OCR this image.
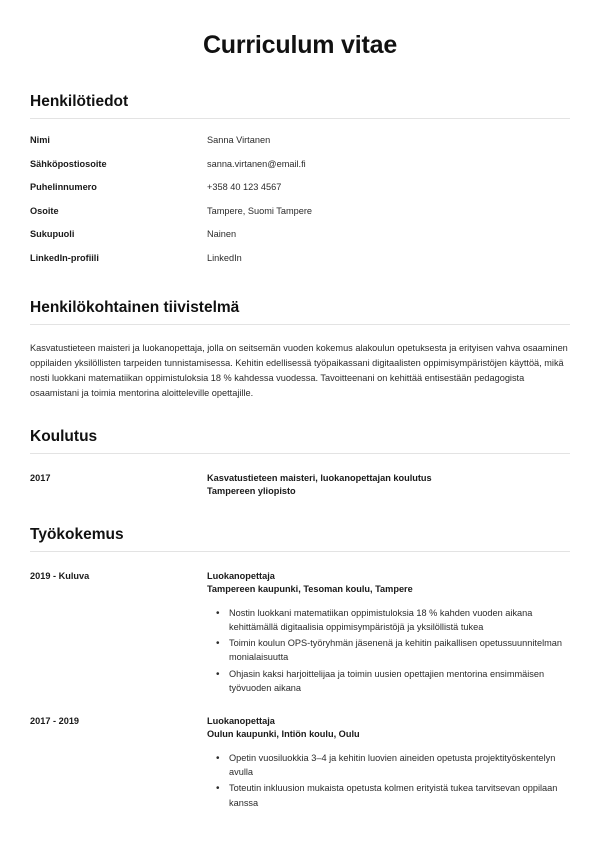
Curriculum vitae
Henkilötiedot
Nimi	Sanna Virtanen
Sähköpostiosoite	sanna.virtanen@email.fi
Puhelinnumero	+358 40 123 4567
Osoite	Tampere, Suomi Tampere
Sukupuoli	Nainen
LinkedIn-profiili	LinkedIn
Henkilökohtainen tiivistelmä

Kasvatustieteen maisteri ja luokanopettaja, jolla on seitsemän vuoden kokemus alakoulun opetuksesta ja erityisen vahva osaaminen oppilaiden yksilöllisten tarpeiden tunnistamisessa. Kehitin edellisessä työpaikassani digitaalisten oppimisympäristöjen käyttöä, mikä nosti luokkani matematiikan oppimistuloksia 18 % kahdessa vuodessa. Tavoitteenani on kehittää entisestään pedagogista osaamistani ja toimia mentorina aloitteleville opettajille.

Koulutus
2017	Kasvatustieteen maisteri, luokanopettajan koulutus
Tampereen yliopisto
Työkokemus
2019 - Kuluva	Luokanopettaja
Tampereen kaupunki, Tesoman koulu, Tampere
• Nostin luokkani matematiikan oppimistuloksia 18 % kahden vuoden aikana kehittämällä digitaalisia oppimisympäristöjä ja yksilöllistä tukea
• Toimin koulun OPS-työryhmän jäsenenä ja kehitin paikallisen opetussuunnitelman monialaisuutta
• Ohjasin kaksi harjoittelijaa ja toimin uusien opettajien mentorina ensimmäisen työvuoden aikana
2017 - 2019	Luokanopettaja
Oulun kaupunki, Intiön koulu, Oulu
• Opetin vuosiluokkia 3–4 ja kehitin luovien aineiden opetusta projektityöskentelyn avulla
• Toteutin inkluusion mukaista opetusta kolmen erityistä tukea tarvitsevan oppilaan kanssa
